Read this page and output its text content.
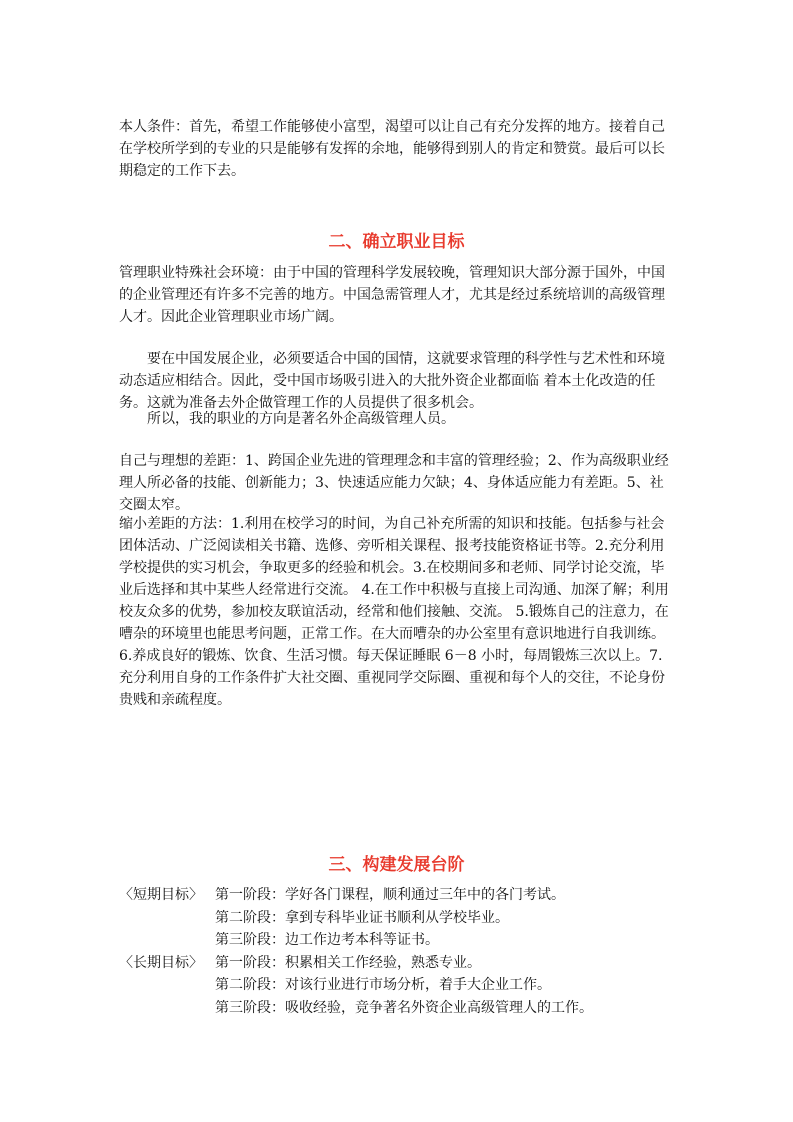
本人条件：首先，希望工作能够使小富型，渴望可以让自己有充分发挥的地方。接着自己在学校所学到的专业的只是能够有发挥的余地，能够得到别人的肯定和赞赏。最后可以长期稳定的工作下去。

二、确立职业目标

管理职业特殊社会环境：由于中国的管理科学发展较晚，管理知识大部分源于国外，中国的企业管理还有许多不完善的地方。中国急需管理人才，尤其是经过系统培训的高级管理人才。因此企业管理职业市场广阔。

要在中国发展企业，必须要适合中国的国情，这就要求管理的科学性与艺术性和环境动态适应相结合。因此，受中国市场吸引进入的大批外资企业都面临 着本土化改造的任务。这就为准备去外企做管理工作的人员提供了很多机会。

所以，我的职业的方向是著名外企高级管理人员。

自己与理想的差距：1、跨国企业先进的管理理念和丰富的管理经验；2、作为高级职业经理人所必备的技能、创新能力；3、快速适应能力欠缺；4、身体适应能力有差距。5、社交圈太窄。

缩小差距的方法：1.利用在校学习的时间，为自己补充所需的知识和技能。包括参与社会团体活动、广泛阅读相关书籍、选修、旁听相关课程、报考技能资格证书等。2.充分利用学校提供的实习机会，争取更多的经验和机会。3.在校期间多和老师、同学讨论交流，毕业后选择和其中某些人经常进行交流。 4.在工作中积极与直接上司沟通、加深了解；利用校友众多的优势，参加校友联谊活动，经常和他们接触、交流。 5.锻炼自己的注意力，在嘈杂的环境里也能思考问题，正常工作。在大而嘈杂的办公室里有意识地进行自我训练。6.养成良好的锻炼、饮食、生活习惯。每天保证睡眠 6－8 小时，每周锻炼三次以上。7.充分利用自身的工作条件扩大社交圈、重视同学交际圈、重视和每个人的交往，不论身份贵贱和亲疏程度。

三、构建发展台阶
〈短期目标〉 第一阶段：学好各门课程，顺利通过三年中的各门考试。
第二阶段：拿到专科毕业证书顺利从学校毕业。
第三阶段：边工作边考本科等证书。
〈长期目标〉 第一阶段：积累相关工作经验，熟悉专业。
第二阶段：对该行业进行市场分析，着手大企业工作。
第三阶段：吸收经验，竞争著名外资企业高级管理人的工作。
